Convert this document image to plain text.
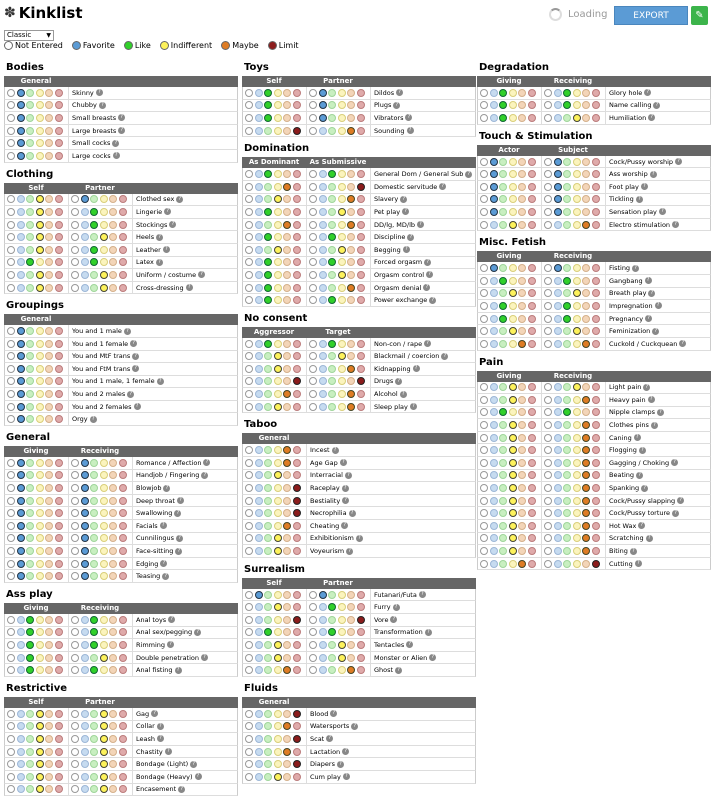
✽ Kinklist	Loading	EXPORT	✎
Classic	▼
Not Entered	Favorite	Like	Indifferent	Maybe	Limit
Bodies
General
Skinny ?
Chubby ?
Small breasts ?
Large breasts ?
Small cocks ?
Large cocks ?
Clothing
Self	Partner
Clothed sex ?
Lingerie ?
Stockings ?
Heels ?
Leather ?
Latex ?
Uniform / costume ?
Cross-dressing ?
Groupings
General
You and 1 male ?
You and 1 female ?
You and MtF trans ?
You and FtM trans ?
You and 1 male, 1 female ?
You and 2 males ?
You and 2 females ?
Orgy ?
General
Giving	Receiving
Romance / Affection ?
Handjob / Fingering ?
Blowjob ?
Deep throat ?
Swallowing ?
Facials ?
Cunnilingus ?
Face-sitting ?
Edging ?
Teasing ?
Ass play
Giving	Receiving
Anal toys ?
Anal sex/pegging ?
Rimming ?
Double penetration ?
Anal fisting ?
Restrictive
Self	Partner
Gag ?
Collar ?
Leash ?
Chastity ?
Bondage (Light) ?
Bondage (Heavy) ?
Encasement ?
Toys
Self	Partner
Dildos ?
Plugs ?
Vibrators ?
Sounding ?
Domination
As Dominant	As Submissive
General Dom / General Sub ?
Domestic servitude ?
Slavery ?
Pet play ?
DD/lg, MD/lb ?
Discipline ?
Begging ?
Forced orgasm ?
Orgasm control ?
Orgasm denial ?
Power exchange ?
No consent
Aggressor	Target
Non-con / rape ?
Blackmail / coercion ?
Kidnapping ?
Drugs ?
Alcohol ?
Sleep play ?
Taboo
General
Incest ?
Age Gap ?
Interracial ?
Raceplay ?
Bestiality ?
Necrophilia ?
Cheating ?
Exhibitionism ?
Voyeurism ?
Surrealism
Self	Partner
Futanari/Futa ?
Furry ?
Vore ?
Transformation ?
Tentacles ?
Monster or Alien ?
Ghost ?
Fluids
General
Blood ?
Watersports ?
Scat ?
Lactation ?
Diapers ?
Cum play ?
Degradation
Giving	Receiving
Glory hole ?
Name calling ?
Humiliation ?
Touch & Stimulation
Actor	Subject
Cock/Pussy worship ?
Ass worship ?
Foot play ?
Tickling ?
Sensation play ?
Electro stimulation ?
Misc. Fetish
Giving	Receiving
Fisting ?
Gangbang ?
Breath play ?
Impregnation ?
Pregnancy ?
Feminization ?
Cuckold / Cuckquean ?
Pain
Giving	Receiving
Light pain ?
Heavy pain ?
Nipple clamps ?
Clothes pins ?
Caning ?
Flogging ?
Gagging / Choking ?
Beating ?
Spanking ?
Cock/Pussy slapping ?
Cock/Pussy torture ?
Hot Wax ?
Scratching ?
Biting ?
Cutting ?
